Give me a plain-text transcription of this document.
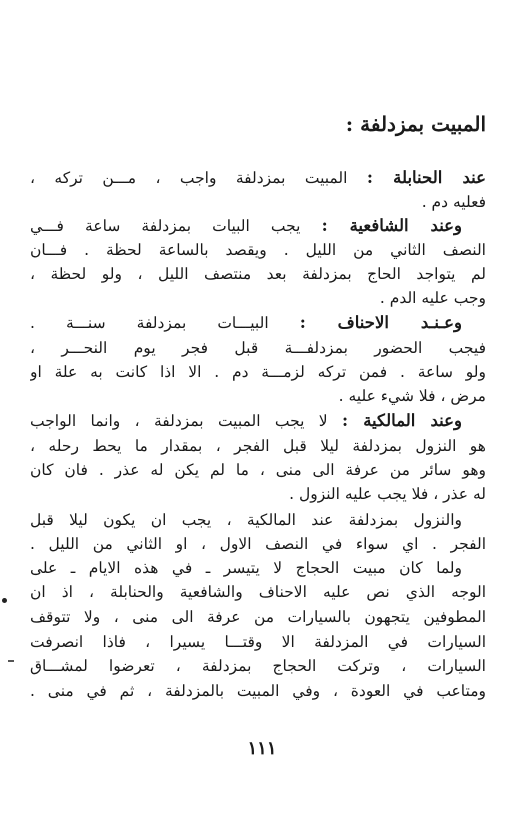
المبيت بمزدلفة :
عند الحنابلة : المبيت بمزدلفة واجب ، مـــن تركه ،
فعليه دم .
وعند الشافعية : يجب البيات بمزدلفة ساعة فـــي
النصف الثاني من الليل . ويقصد بالساعة لحظة . فـــان
لم يتواجد الحاج بمزدلفة بعد منتصف الليل ، ولو لحظة ،
وجب عليه الدم .
وعـنـد الاحناف : البيـــات بمزدلفة سنـــة .
فيجب الحضور بمزدلفـــة قبل فجر يوم النحـــر ،
ولو ساعة . فمن تركه لزمـــة دم . الا اذا كانت به علة او
مرض ، فلا شيء عليه .
وعند المالكية : لا يجب المبيت بمزدلفة ، وانما الواجب
هو النزول بمزدلفة ليلا قبل الفجر ، بمقدار ما يحط رحله ،
وهو سائر من عرفة الى منى ، ما لم يكن له عذر . فان كان
له عذر ، فلا يجب عليه النزول .
والنزول بمزدلفة عند المالكية ، يجب ان يكون ليلا قبل
الفجر . اي سواء في النصف الاول ، او الثاني من الليل .
ولما كان مبيت الحجاج لا يتيسر ـ في هذه الايام ـ على
الوجه الذي نص عليه الاحناف والشافعية والحنابلة ، اذ ان
المطوفين يتجهون بالسيارات من عرفة الى منى ، ولا تتوقف
السيارات في المزدلفة الا وقتـــا يسيرا ، فاذا انصرفت
السيارات ، وتركت الحجاج بمزدلفة ، تعرضوا لمشـــاق
ومتاعب في العودة ، وفي المبيت بالمزدلفة ، ثم في منى .
١١١
